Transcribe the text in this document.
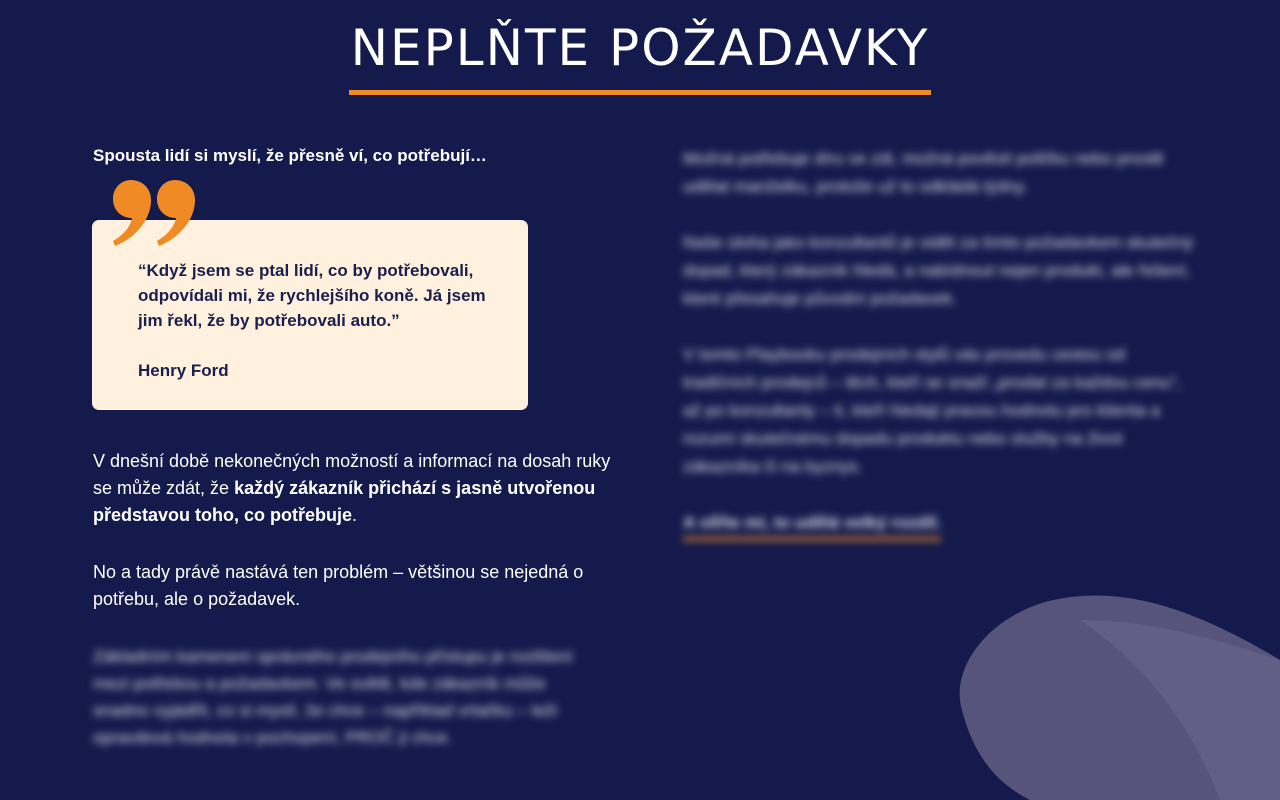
NEPLŇTE POŽADAVKY

Spousta lidí si myslí, že přesně ví, co potřebují…

“Když jsem se ptal lidí, co by potřebovali, odpovídali mi, že rychlejšího koně. Já jsem jim řekl, že by potřebovali auto.”

Henry Ford

V dnešní době nekonečných možností a informací na dosah ruky se může zdát, že každý zákazník přichází s jasně utvořenou představou toho, co potřebuje.

No a tady právě nastává ten problém – většinou se nejedná o potřebu, ale o požadavek.

Základním kamenem správného prodejního přístupu je rozlišení mezi potřebou a požadavkem. Ve světě, kde zákazník může snadno vyjádřit, co si myslí, že chce – například vrtačku – leží opravdová hodnota v pochopení, PROČ ji chce.

Možná potřebuje díru ve zdi, možná pověsit poličku nebo prostě udělat manželku, protože už to odkládá týdny.

Naše úloha jako konzultantů je vidět za tímto požadavkem skutečný dopad, který zákazník hledá, a nabídnout nejen produkt, ale řešení, které přesahuje původní požadavek.

V tomto Playbooku prodejních stylů vás provedu cestou od tradičních prodejců – těch, kteří se snaží „prodat za každou cenu", až po konzultanty – ti, kteří hledají pravou hodnotu pro klienta a rozumí skutečnému dopadu produktu nebo služby na život zákazníka či na byznys.

A věřte mi, to udělá velký rozdíl.
